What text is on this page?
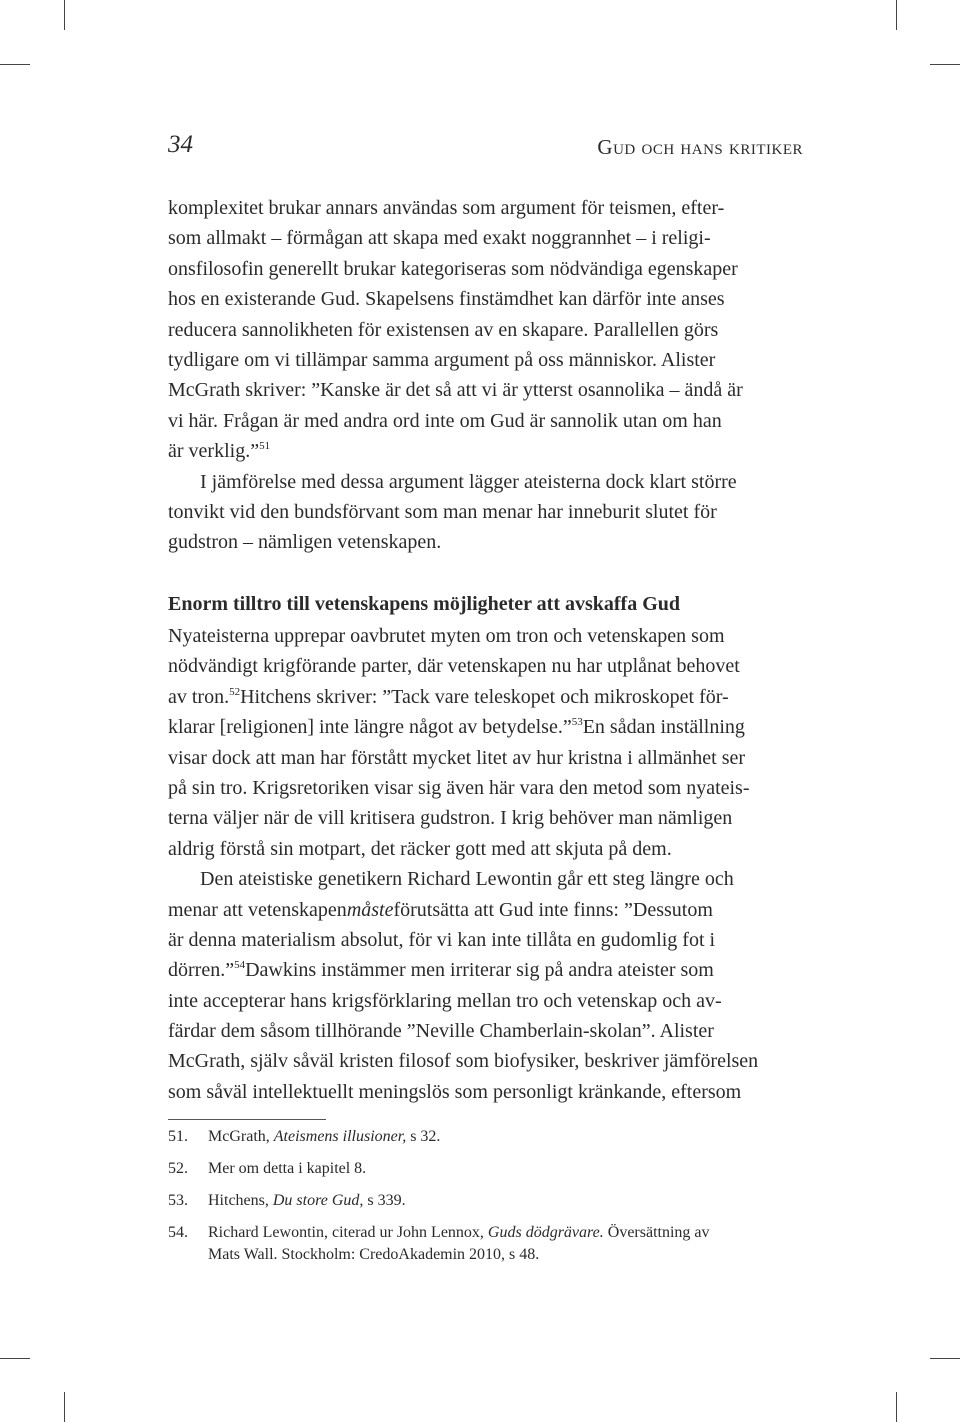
34	Gud och hans kritiker
komplexitet brukar annars användas som argument för teismen, efter-
som allmakt – förmågan att skapa med exakt noggrannhet – i religi-
onsfilosofin generellt brukar kategoriseras som nödvändiga egenskaper
hos en existerande Gud. Skapelsens finstämdhet kan därför inte anses
reducera sannolikheten för existensen av en skapare. Parallellen görs
tydligare om vi tillämpar samma argument på oss människor. Alister
McGrath skriver: ”Kanske är det så att vi är ytterst osannolika – ändå är
vi här. Frågan är med andra ord inte om Gud är sannolik utan om han
är verklig.”$^{51}$
I jämförelse med dessa argument lägger ateisterna dock klart större
tonvikt vid den bundsförvant som man menar har inneburit slutet för
gudstron – nämligen vetenskapen.
Enorm tilltro till vetenskapens möjligheter att avskaffa Gud
Nyateisterna upprepar oavbrutet myten om tron och vetenskapen som
nödvändigt krigförande parter, där vetenskapen nu har utplånat behovet
av tron.$^{52}$Hitchens skriver: ”Tack vare teleskopet och mikroskopet för-
klarar [religionen] inte längre något av betydelse.”$^{53}$En sådan inställning
visar dock att man har förstått mycket litet av hur kristna i allmänhet ser
på sin tro. Krigsretoriken visar sig även här vara den metod som nyateis-
terna väljer när de vill kritisera gudstron. I krig behöver man nämligen
aldrig förstå sin motpart, det räcker gott med att skjuta på dem.
Den ateistiske genetikern Richard Lewontin går ett steg längre och
menar att vetenskapenmåsteförutsätta att Gud inte finns: ”Dessutom
är denna materialism absolut, för vi kan inte tillåta en gudomlig fot i
dörren.”$^{54}$Dawkins instämmer men irriterar sig på andra ateister som
inte accepterar hans krigsförklaring mellan tro och vetenskap och av-
färdar dem såsom tillhörande ”Neville Chamberlain-skolan”. Alister
McGrath, själv såväl kristen filosof som biofysiker, beskriver jämförelsen
som såväl intellektuellt meningslös som personligt kränkande, eftersom
51.	McGrath, Ateismens illusioner, s 32.
52.	Mer om detta i kapitel 8.
53.	Hitchens, Du store Gud, s 339.
54.	Richard Lewontin, citerad ur John Lennox, Guds dödgrävare. Översättning av
Mats Wall. Stockholm: CredoAkademin 2010, s 48.
